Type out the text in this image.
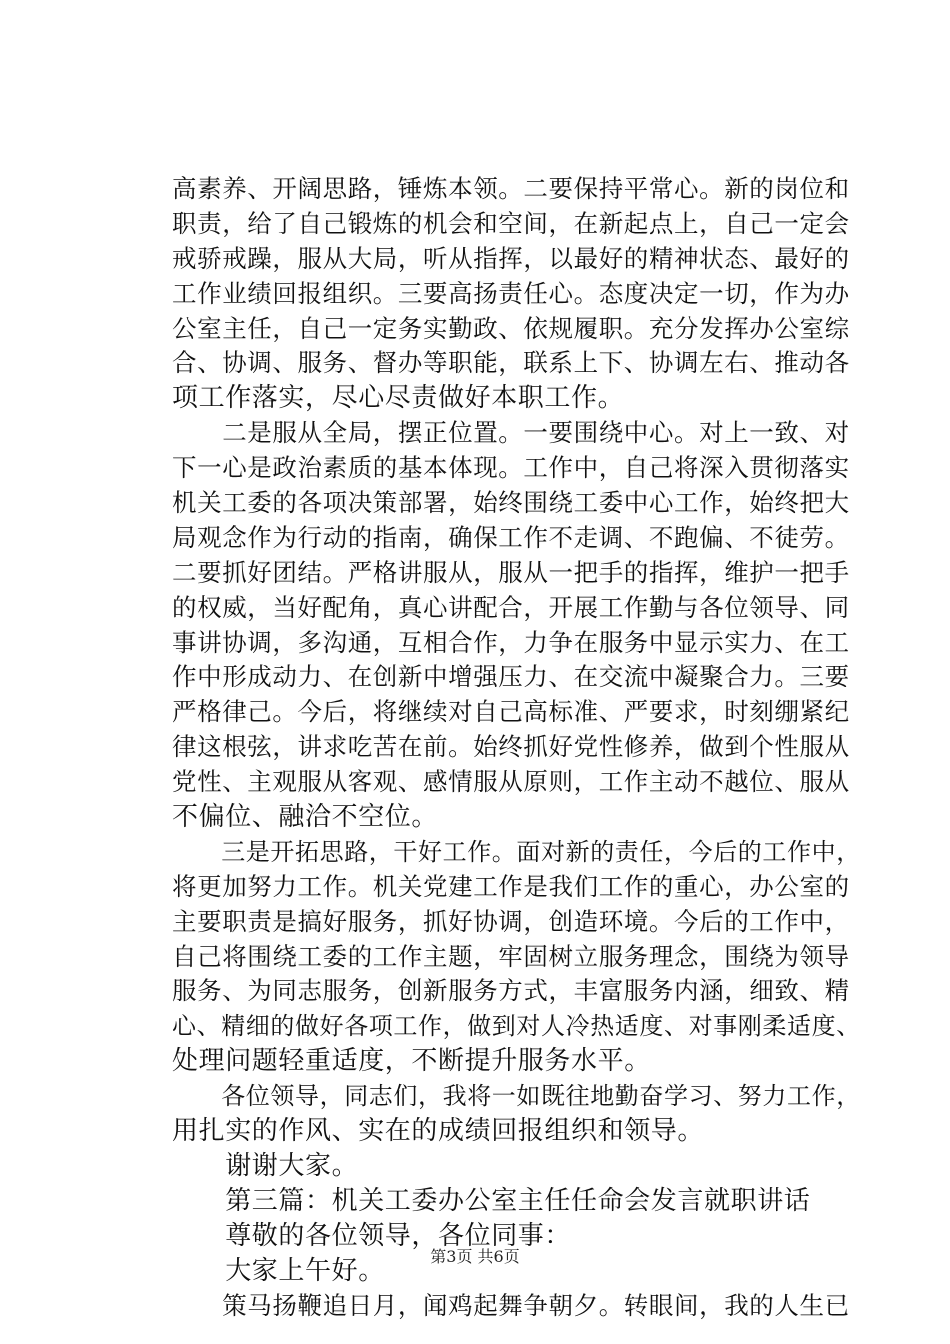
高素养、开阔思路，锤炼本领。二要保持平常心。新的岗位和
职责，给了自己锻炼的机会和空间，在新起点上，自己一定会
戒骄戒躁，服从大局，听从指挥，以最好的精神状态、最好的
工作业绩回报组织。三要高扬责任心。态度决定一切，作为办
公室主任，自己一定务实勤政、依规履职。充分发挥办公室综
合、协调、服务、督办等职能，联系上下、协调左右、推动各
项工作落实，尽心尽责做好本职工作。
　　二是服从全局，摆正位置。一要围绕中心。对上一致、对
下一心是政治素质的基本体现。工作中，自己将深入贯彻落实
机关工委的各项决策部署，始终围绕工委中心工作，始终把大
局观念作为行动的指南，确保工作不走调、不跑偏、不徒劳。
二要抓好团结。严格讲服从，服从一把手的指挥，维护一把手
的权威，当好配角，真心讲配合，开展工作勤与各位领导、同
事讲协调，多沟通，互相合作，力争在服务中显示实力、在工
作中形成动力、在创新中增强压力、在交流中凝聚合力。三要
严格律己。今后，将继续对自己高标准、严要求，时刻绷紧纪
律这根弦，讲求吃苦在前。始终抓好党性修养，做到个性服从
党性、主观服从客观、感情服从原则，工作主动不越位、服从
不偏位、融洽不空位。
　　三是开拓思路，干好工作。面对新的责任，今后的工作中，
将更加努力工作。机关党建工作是我们工作的重心，办公室的
主要职责是搞好服务，抓好协调，创造环境。今后的工作中，
自己将围绕工委的工作主题，牢固树立服务理念，围绕为领导
服务、为同志服务，创新服务方式，丰富服务内涵，细致、精
心、精细的做好各项工作，做到对人冷热适度、对事刚柔适度、
处理问题轻重适度，不断提升服务水平。
　　各位领导，同志们，我将一如既往地勤奋学习、努力工作，
用扎实的作风、实在的成绩回报组织和领导。
　　谢谢大家。
　　第三篇：机关工委办公室主任任命会发言就职讲话
　　尊敬的各位领导，各位同事：
　　大家上午好。
　　策马扬鞭追日月，闻鸡起舞争朝夕。转眼间，我的人生已
第3页 共6页
